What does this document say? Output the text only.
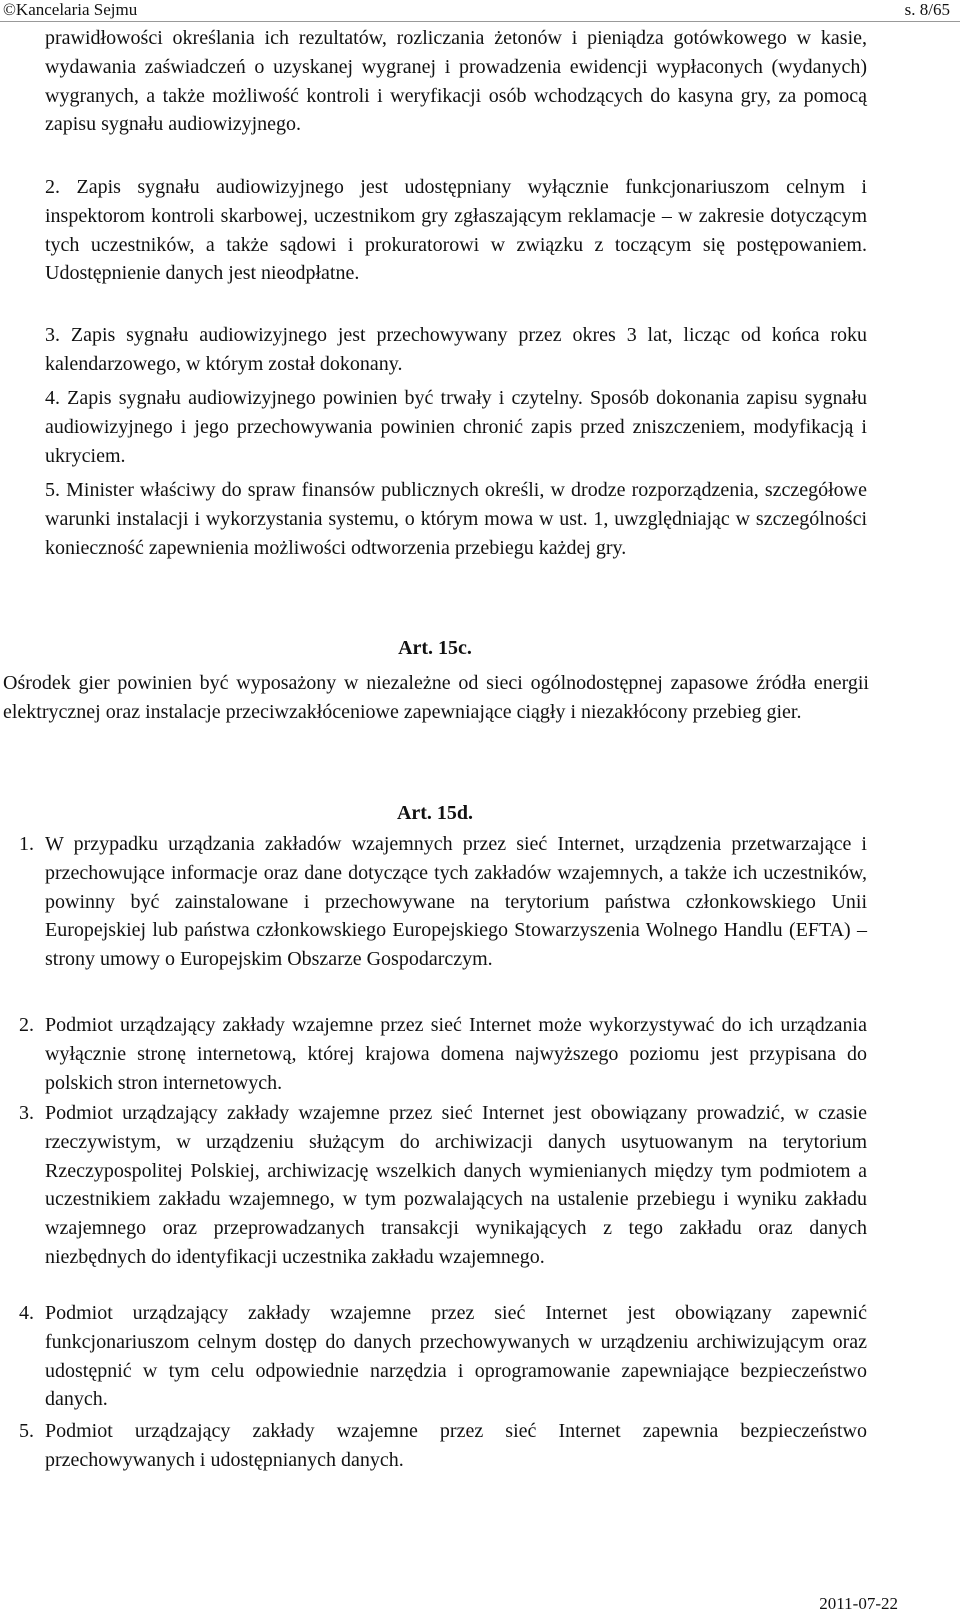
©Kancelaria Sejmu	s. 8/65
prawidłowości określania ich rezultatów, rozliczania żetonów i pieniądza gotówkowego w kasie, wydawania zaświadczeń o uzyskanej wygranej i prowadzenia ewidencji wypłaconych (wydanych) wygranych, a także możliwość kontroli i weryfikacji osób wchodzących do kasyna gry, za pomocą zapisu sygnału audiowizyjnego.
2. Zapis sygnału audiowizyjnego jest udostępniany wyłącznie funkcjonariuszom celnym i inspektorom kontroli skarbowej, uczestnikom gry zgłaszającym reklamacje – w zakresie dotyczącym tych uczestników, a także sądowi i prokuratorowi w związku z toczącym się postępowaniem. Udostępnienie danych jest nieodpłatne.
3. Zapis sygnału audiowizyjnego jest przechowywany przez okres 3 lat, licząc od końca roku kalendarzowego, w którym został dokonany.
4. Zapis sygnału audiowizyjnego powinien być trwały i czytelny. Sposób dokonania zapisu sygnału audiowizyjnego i jego przechowywania powinien chronić zapis przed zniszczeniem, modyfikacją i ukryciem.
5. Minister właściwy do spraw finansów publicznych określi, w drodze rozporządzenia, szczegółowe warunki instalacji i wykorzystania systemu, o którym mowa w ust. 1, uwzględniając w szczególności konieczność zapewnienia możliwości odtworzenia przebiegu każdej gry.
Art. 15c.
Ośrodek gier powinien być wyposażony w niezależne od sieci ogólnodostępnej zapasowe źródła energii elektrycznej oraz instalacje przeciwzakłóceniowe zapewniające ciągły i niezakłócony przebieg gier.
Art. 15d.
1. W przypadku urządzania zakładów wzajemnych przez sieć Internet, urządzenia przetwarzające i przechowujące informacje oraz dane dotyczące tych zakładów wzajemnych, a także ich uczestników, powinny być zainstalowane i przechowywane na terytorium państwa członkowskiego Unii Europejskiej lub państwa członkowskiego Europejskiego Stowarzyszenia Wolnego Handlu (EFTA) – strony umowy o Europejskim Obszarze Gospodarczym.
2. Podmiot urządzający zakłady wzajemne przez sieć Internet może wykorzystywać do ich urządzania wyłącznie stronę internetową, której krajowa domena najwyższego poziomu jest przypisana do polskich stron internetowych.
3. Podmiot urządzający zakłady wzajemne przez sieć Internet jest obowiązany prowadzić, w czasie rzeczywistym, w urządzeniu służącym do archiwizacji danych usytuowanym na terytorium Rzeczypospolitej Polskiej, archiwizację wszelkich danych wymienianych między tym podmiotem a uczestnikiem zakładu wzajemnego, w tym pozwalających na ustalenie przebiegu i wyniku zakładu wzajemnego oraz przeprowadzanych transakcji wynikających z tego zakładu oraz danych niezbędnych do identyfikacji uczestnika zakładu wzajemnego.
4. Podmiot urządzający zakłady wzajemne przez sieć Internet jest obowiązany zapewnić funkcjonariuszom celnym dostęp do danych przechowywanych w urządzeniu archiwizującym oraz udostępnić w tym celu odpowiednie narzędzia i oprogramowanie zapewniające bezpieczeństwo danych.
5. Podmiot urządzający zakłady wzajemne przez sieć Internet zapewnia bezpieczeństwo przechowywanych i udostępnianych danych.
2011-07-22
